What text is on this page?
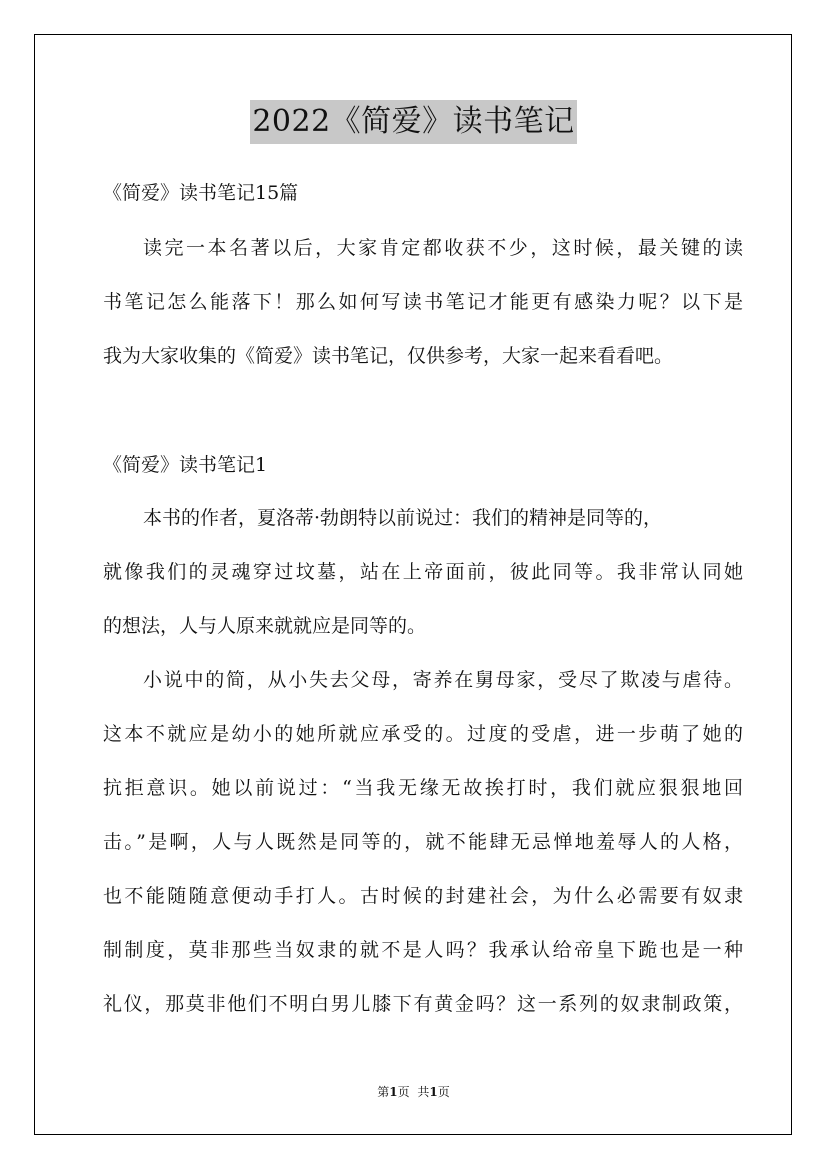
2022《简爱》读书笔记
《简爱》读书笔记15篇
读完一本名著以后，大家肯定都收获不少，这时候，最关键的读
书笔记怎么能落下！那么如何写读书笔记才能更有感染力呢？以下是
我为大家收集的《简爱》读书笔记，仅供参考，大家一起来看看吧。
《简爱》读书笔记1
本书的作者，夏洛蒂·勃朗特以前说过：我们的精神是同等的，
就像我们的灵魂穿过坟墓，站在上帝面前，彼此同等。我非常认同她
的想法，人与人原来就就应是同等的。
小说中的简，从小失去父母，寄养在舅母家，受尽了欺凌与虐待。
这本不就应是幼小的她所就应承受的。过度的受虐，进一步萌了她的
抗拒意识。她以前说过：“当我无缘无故挨打时，我们就应狠狠地回
击。”是啊，人与人既然是同等的，就不能肆无忌惮地羞辱人的人格，
也不能随随意便动手打人。古时候的封建社会，为什么必需要有奴隶
制制度，莫非那些当奴隶的就不是人吗？我承认给帝皇下跪也是一种
礼仪，那莫非他们不明白男儿膝下有黄金吗？这一系列的奴隶制政策，
第1页 共1页
